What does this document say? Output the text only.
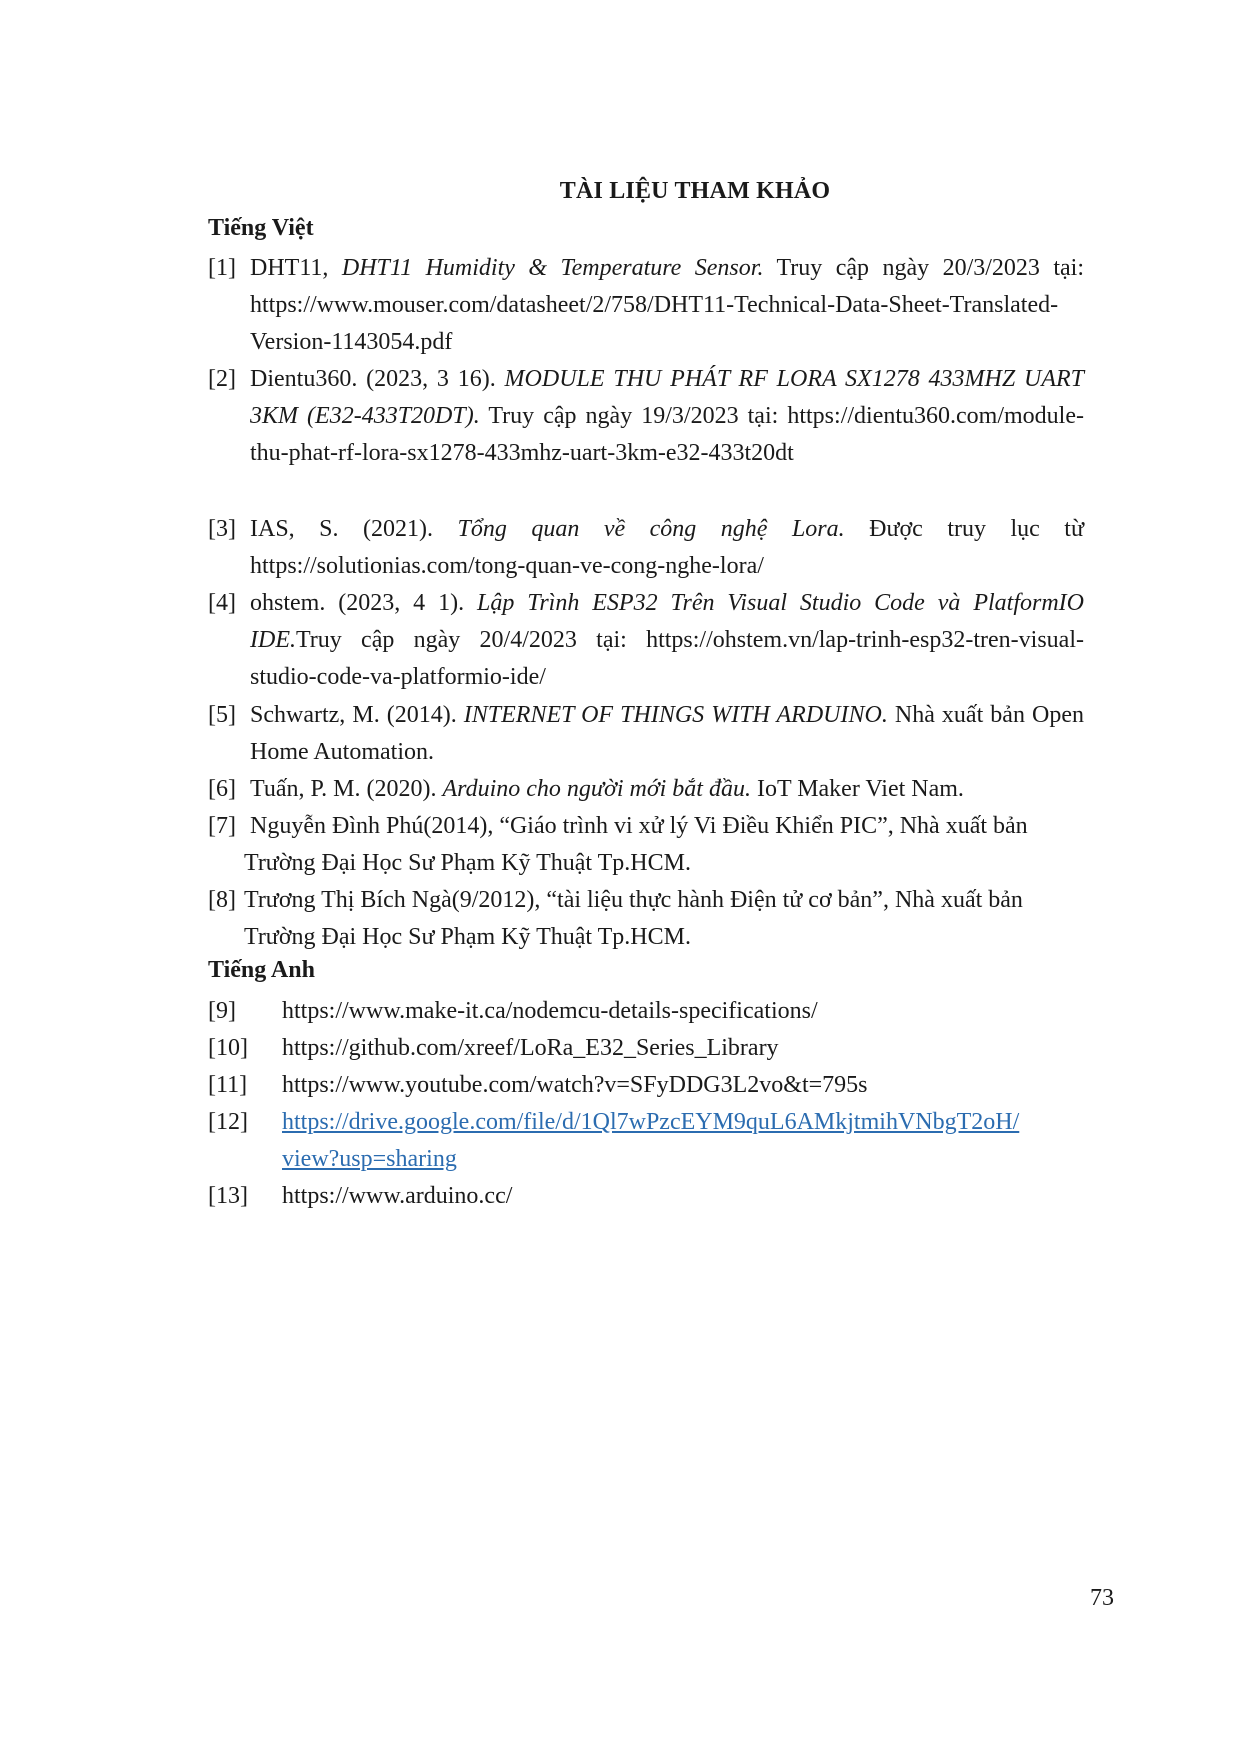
TÀI LIỆU THAM KHẢO
Tiếng Việt
[1] DHT11, DHT11 Humidity & Temperature Sensor. Truy cập ngày 20/3/2023 tại: https://www.mouser.com/datasheet/2/758/DHT11-Technical-Data-Sheet-Translated-Version-1143054.pdf
[2] Dientu360. (2023, 3 16). MODULE THU PHÁT RF LORA SX1278 433MHZ UART 3KM (E32-433T20DT). Truy cập ngày 19/3/2023 tại: https://dientu360.com/module-thu-phat-rf-lora-sx1278-433mhz-uart-3km-e32-433t20dt
[3] IAS, S. (2021). Tổng quan về công nghệ Lora. Được truy lục từ https://solutionias.com/tong-quan-ve-cong-nghe-lora/
[4] ohstem. (2023, 4 1). Lập Trình ESP32 Trên Visual Studio Code và PlatformIO IDE.Truy cập ngày 20/4/2023 tại: https://ohstem.vn/lap-trinh-esp32-tren-visual-studio-code-va-platformio-ide/
[5] Schwartz, M. (2014). INTERNET OF THINGS WITH ARDUINO. Nhà xuất bản Open Home Automation.
[6] Tuấn, P. M. (2020). Arduino cho người mới bắt đầu. IoT Maker Viet Nam.
[7] Nguyễn Đình Phú(2014), “Giáo trình vi xử lý Vi Điều Khiển PIC”, Nhà xuất bản
Trường Đại Học Sư Phạm Kỹ Thuật Tp.HCM.
[8] Trương Thị Bích Ngà(9/2012), “tài liệu thực hành Điện tử cơ bản”, Nhà xuất bản
Trường Đại Học Sư Phạm Kỹ Thuật Tp.HCM.
Tiếng Anh
[9] https://www.make-it.ca/nodemcu-details-specifications/
[10] https://github.com/xreef/LoRa_E32_Series_Library
[11] https://www.youtube.com/watch?v=SFyDDG3L2vo&t=795s
[12] https://drive.google.com/file/d/1Ql7wPzcEYM9quL6AMkjtmihVNbgT2oH/
view?usp=sharing
[13] https://www.arduino.cc/
73
